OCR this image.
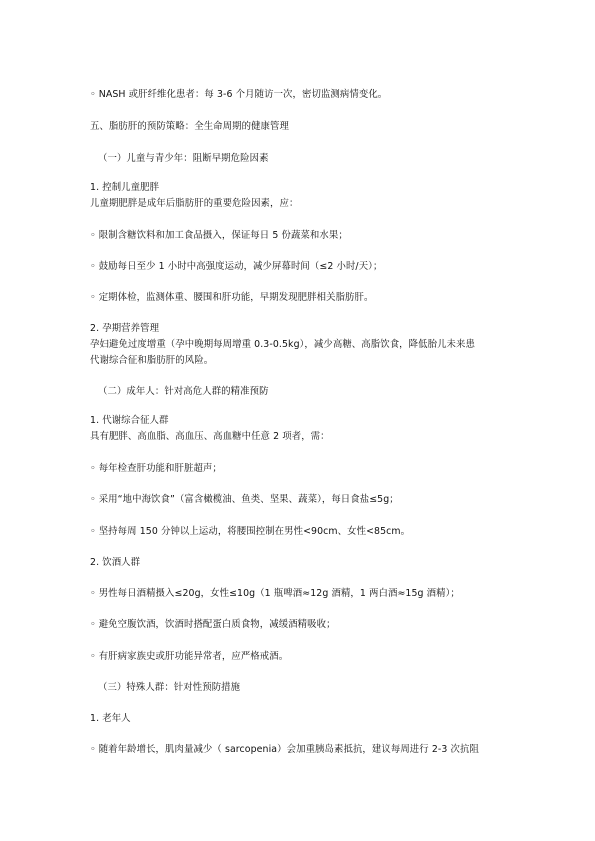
◦ NASH 或肝纤维化患者：每 3-6 个月随访一次，密切监测病情变化。
五、脂肪肝的预防策略：全生命周期的健康管理
（一）儿童与青少年：阻断早期危险因素
1. 控制儿童肥胖
儿童期肥胖是成年后脂肪肝的重要危险因素，应：
◦ 限制含糖饮料和加工食品摄入，保证每日 5 份蔬菜和水果；
◦ 鼓励每日至少 1 小时中高强度运动，减少屏幕时间（≤2 小时/天）；
◦ 定期体检，监测体重、腰围和肝功能，早期发现肥胖相关脂肪肝。
2. 孕期营养管理
孕妇避免过度增重（孕中晚期每周增重 0.3-0.5kg），减少高糖、高脂饮食，降低胎儿未来患
代谢综合征和脂肪肝的风险。
（二）成年人：针对高危人群的精准预防
1. 代谢综合征人群
具有肥胖、高血脂、高血压、高血糖中任意 2 项者，需：
◦ 每年检查肝功能和肝脏超声；
◦ 采用“地中海饮食”（富含橄榄油、鱼类、坚果、蔬菜），每日食盐≤5g；
◦ 坚持每周 150 分钟以上运动，将腰围控制在男性<90cm、女性<85cm。
2. 饮酒人群
◦ 男性每日酒精摄入≤20g，女性≤10g（1 瓶啤酒≈12g 酒精，1 两白酒≈15g 酒精）；
◦ 避免空腹饮酒，饮酒时搭配蛋白质食物，减缓酒精吸收；
◦ 有肝病家族史或肝功能异常者，应严格戒酒。
（三）特殊人群：针对性预防措施
1. 老年人
◦ 随着年龄增长，肌肉量减少（ sarcopenia）会加重胰岛素抵抗，建议每周进行 2-3 次抗阻
